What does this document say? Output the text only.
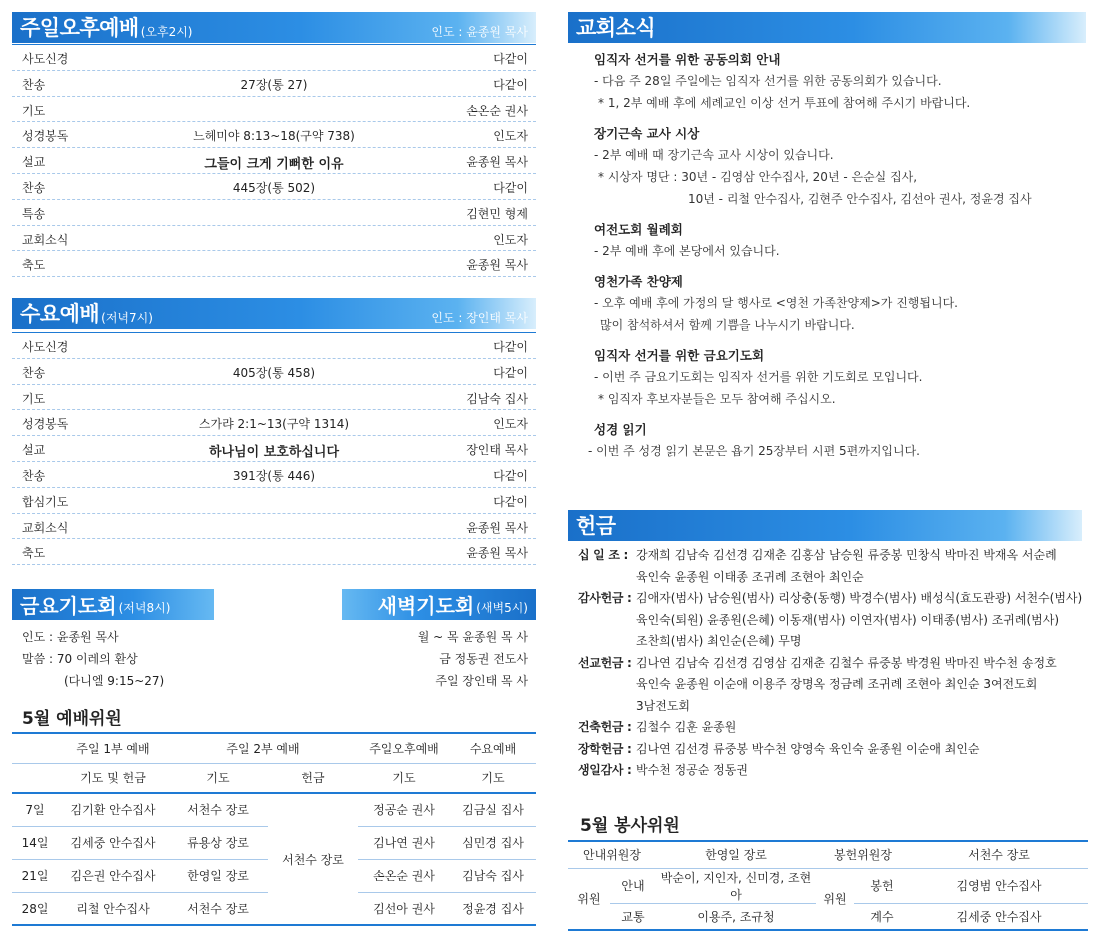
주일오후예배 (오후2시)	인도 : 윤종원 목사
사도신경	다같이
찬송	27장(통 27)	다같이
기도	손온순 권사
성경봉독	느헤미야 8:13~18(구약 738)	인도자
설교	그들이 크게 기뻐한 이유	윤종원 목사
찬송	445장(통 502)	다같이
특송	김현민 형제
교회소식	인도자
축도	윤종원 목사
수요예배 (저녁7시)	인도 : 장인태 목사
사도신경	다같이
찬송	405장(통 458)	다같이
기도	김남숙 집사
성경봉독	스가랴 2:1~13(구약 1314)	인도자
설교	하나님이 보호하십니다	장인태 목사
찬송	391장(통 446)	다같이
합심기도	다같이
교회소식	윤종원 목사
축도	윤종원 목사
금요기도회 (저녁8시)
인도 : 윤종원 목사
말씀 : 70 이레의 환상
(다니엘 9:15~27)
새벽기도회 (새벽5시)
월 ~ 목 윤종원 목 사
금 정동권 전도사
주일 장인태 목 사
5월 예배위원
	주일 1부 예배	주일 2부 예배		주일오후예배	수요예배
	기도 및 헌금	기도	헌금	기도	기도
7일	김기환 안수집사	서천수 장로	서천수 장로	정공순 권사	김금실 집사
14일	김세중 안수집사	류용상 장로		김나연 권사	심민경 집사
21일	김은권 안수집사	한영일 장로		손온순 권사	김남숙 집사
28일	리철 안수집사	서천수 장로		김선아 권사	정윤경 집사
교회소식
임직자 선거를 위한 공동의회 안내
- 다음 주 28일 주일에는 임직자 선거를 위한 공동의회가 있습니다.
* 1, 2부 예배 후에 세례교인 이상 선거 투표에 참여해 주시기 바랍니다.
장기근속 교사 시상
- 2부 예배 때 장기근속 교사 시상이 있습니다.
* 시상자 명단 : 30년 - 김영삼 안수집사, 20년 - 은순실 집사,
10년 - 리철 안수집사, 김현주 안수집사, 김선아 권사, 정윤경 집사
여전도회 월례회
- 2부 예배 후에 본당에서 있습니다.
영천가족 찬양제
- 오후 예배 후에 가정의 달 행사로 <영천 가족찬양제>가 진행됩니다.
많이 참석하셔서 함께 기쁨을 나누시기 바랍니다.
임직자 선거를 위한 금요기도회
- 이번 주 금요기도회는 임직자 선거를 위한 기도회로 모입니다.
* 임직자 후보자분들은 모두 참여해 주십시오.
성경 읽기
- 이번 주 성경 읽기 본문은 욥기 25장부터 시편 5편까지입니다.
헌금
십 일 조 : 강재희 김남숙 김선경 김재춘 김홍삼 남승원 류중봉 민창식 박마진 박재옥 서순례
육인숙 윤종원 이태종 조귀례 조현아 최인순
감사헌금 : 김애자(범사) 남승원(범사) 리상충(동행) 박경수(범사) 배성식(효도관광) 서천수(범사)
육인숙(퇴원) 윤종원(은혜) 이동재(범사) 이연자(범사) 이태종(범사) 조귀례(범사)
조찬희(범사) 최인순(은혜) 무명
선교헌금 : 김나연 김남숙 김선경 김영삼 김재춘 김철수 류중봉 박경원 박마진 박수천 송정호
육인숙 윤종원 이순애 이용주 장명옥 정금례 조귀례 조현아 최인순 3여전도회
3남전도회
건축헌금 : 김철수 김훈 윤종원
장학헌금 : 김나연 김선경 류중봉 박수천 양영숙 육인숙 윤종원 이순애 최인순
생일감사 : 박수천 정공순 정동권
5월 봉사위원
안내위원장		한영일 장로	봉헌위원장		서천수 장로
위원	안내	박순이, 지인자, 신미경, 조현아	위원	봉헌	김영범 안수집사
	교통	이용주, 조규청		계수	김세중 안수집사
